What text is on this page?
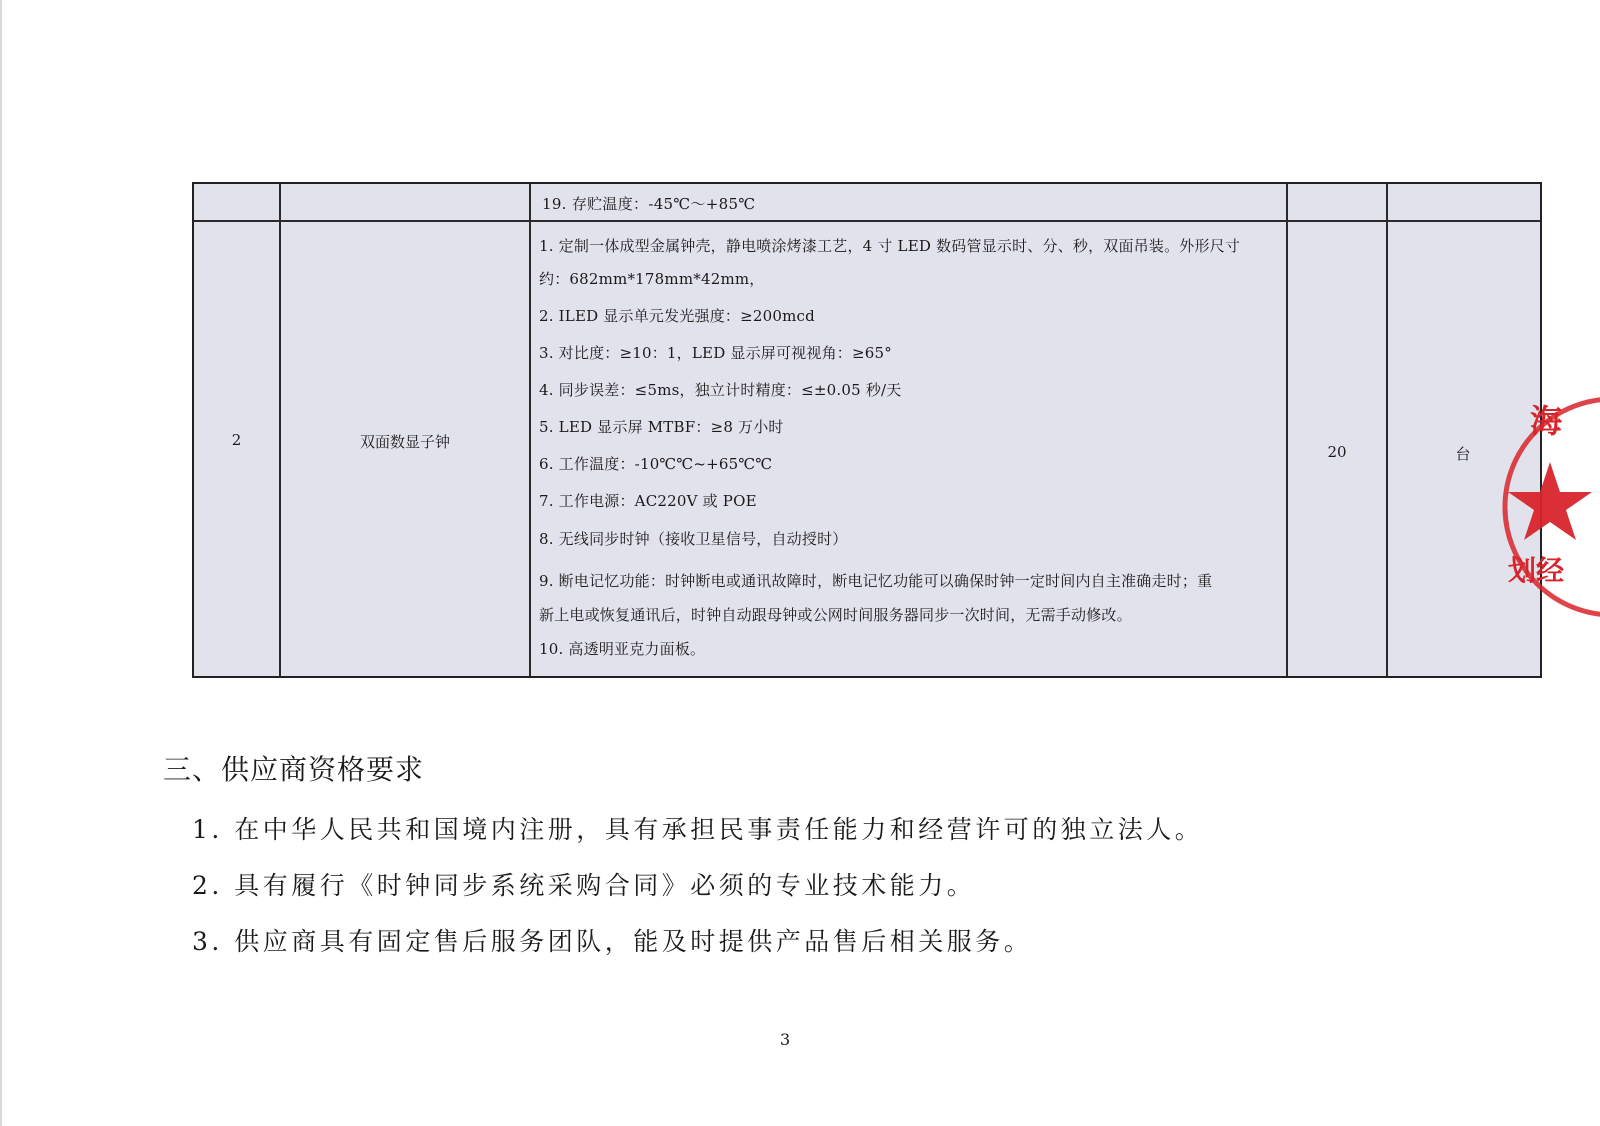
19. 存贮温度：-45℃～+85℃
2	双面数显子钟
20	台
1. 定制一体成型金属钟壳，静电喷涂烤漆工艺，4 寸 LED 数码管显示时、分、秒，双面吊装。外形尺寸
约：682mm*178mm*42mm，
2. ILED 显示单元发光强度：≥200mcd
3. 对比度：≥10：1，LED 显示屏可视视角：≥65°
4. 同步误差：≤5ms，独立计时精度：≤±0.05 秒/天
5. LED 显示屏 MTBF：≥8 万小时
6. 工作温度：-10℃℃~+65℃℃
7. 工作电源：AC220V 或 POE
8. 无线同步时钟（接收卫星信号，自动授时）
9. 断电记忆功能：时钟断电或通讯故障时，断电记忆功能可以确保时钟一定时间内自主准确走时；重
新上电或恢复通讯后，时钟自动跟母钟或公网时间服务器同步一次时间，无需手动修改。
10. 高透明亚克力面板。
海
划经
三、供应商资格要求
1. 在中华人民共和国境内注册，具有承担民事责任能力和经营许可的独立法人。
2. 具有履行《时钟同步系统采购合同》必须的专业技术能力。
3. 供应商具有固定售后服务团队，能及时提供产品售后相关服务。
3
